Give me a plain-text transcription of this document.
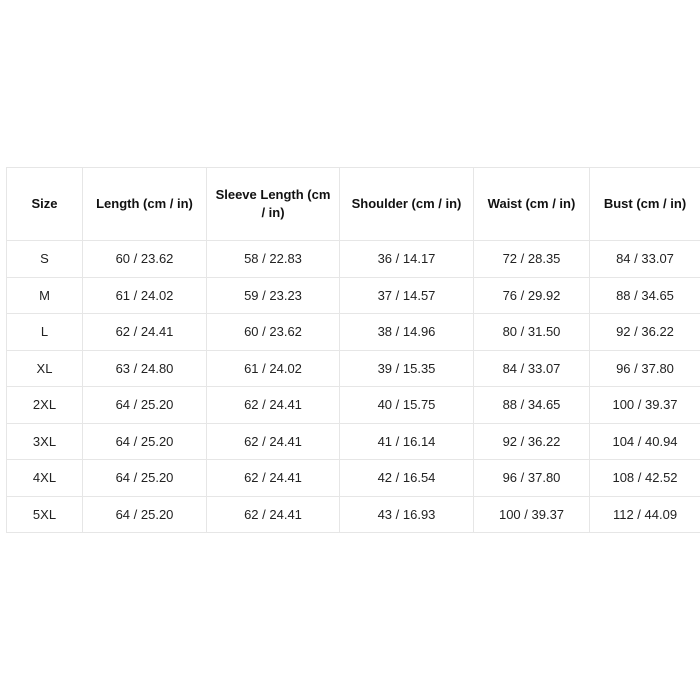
Size	Length (cm / in)	Sleeve Length (cm / in)	Shoulder (cm / in)	Waist (cm / in)	Bust (cm / in)
S	60 / 23.62	58 / 22.83	36 / 14.17	72 / 28.35	84 / 33.07
M	61 / 24.02	59 / 23.23	37 / 14.57	76 / 29.92	88 / 34.65
L	62 / 24.41	60 / 23.62	38 / 14.96	80 / 31.50	92 / 36.22
XL	63 / 24.80	61 / 24.02	39 / 15.35	84 / 33.07	96 / 37.80
2XL	64 / 25.20	62 / 24.41	40 / 15.75	88 / 34.65	100 / 39.37
3XL	64 / 25.20	62 / 24.41	41 / 16.14	92 / 36.22	104 / 40.94
4XL	64 / 25.20	62 / 24.41	42 / 16.54	96 / 37.80	108 / 42.52
5XL	64 / 25.20	62 / 24.41	43 / 16.93	100 / 39.37	112 / 44.09
